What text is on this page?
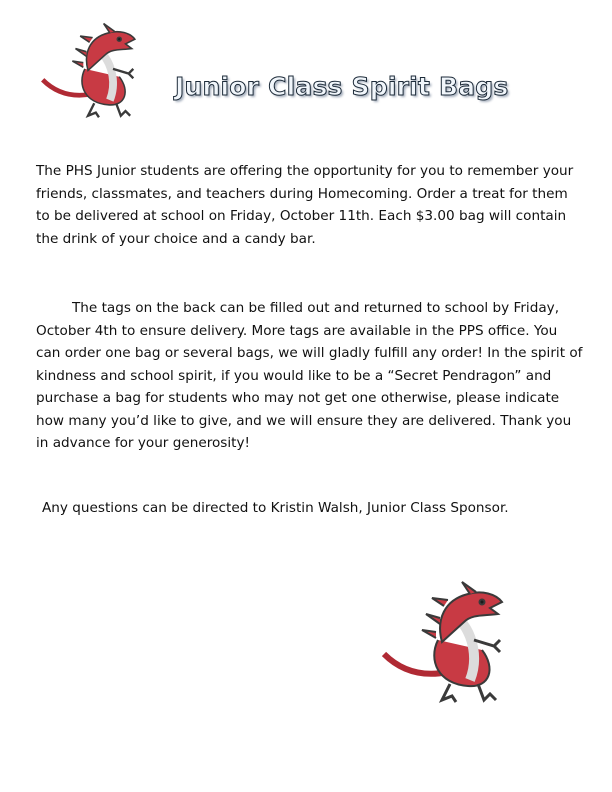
Junior Class Spirit Bags

The PHS Junior students are offering the opportunity for you to remember your friends, classmates, and teachers during Homecoming. Order a treat for them to be delivered at school on Friday, October 11th. Each $3.00 bag will contain the drink of your choice and a candy bar.

The tags on the back can be filled out and returned to school by Friday, October 4th to ensure delivery. More tags are available in the PPS office. You can order one bag or several bags, we will gladly fulfill any order! In the spirit of kindness and school spirit, if you would like to be a “Secret Pendragon” and purchase a bag for students who may not get one otherwise, please indicate how many you’d like to give, and we will ensure they are delivered. Thank you in advance for your generosity!

Any questions can be directed to Kristin Walsh, Junior Class Sponsor.
